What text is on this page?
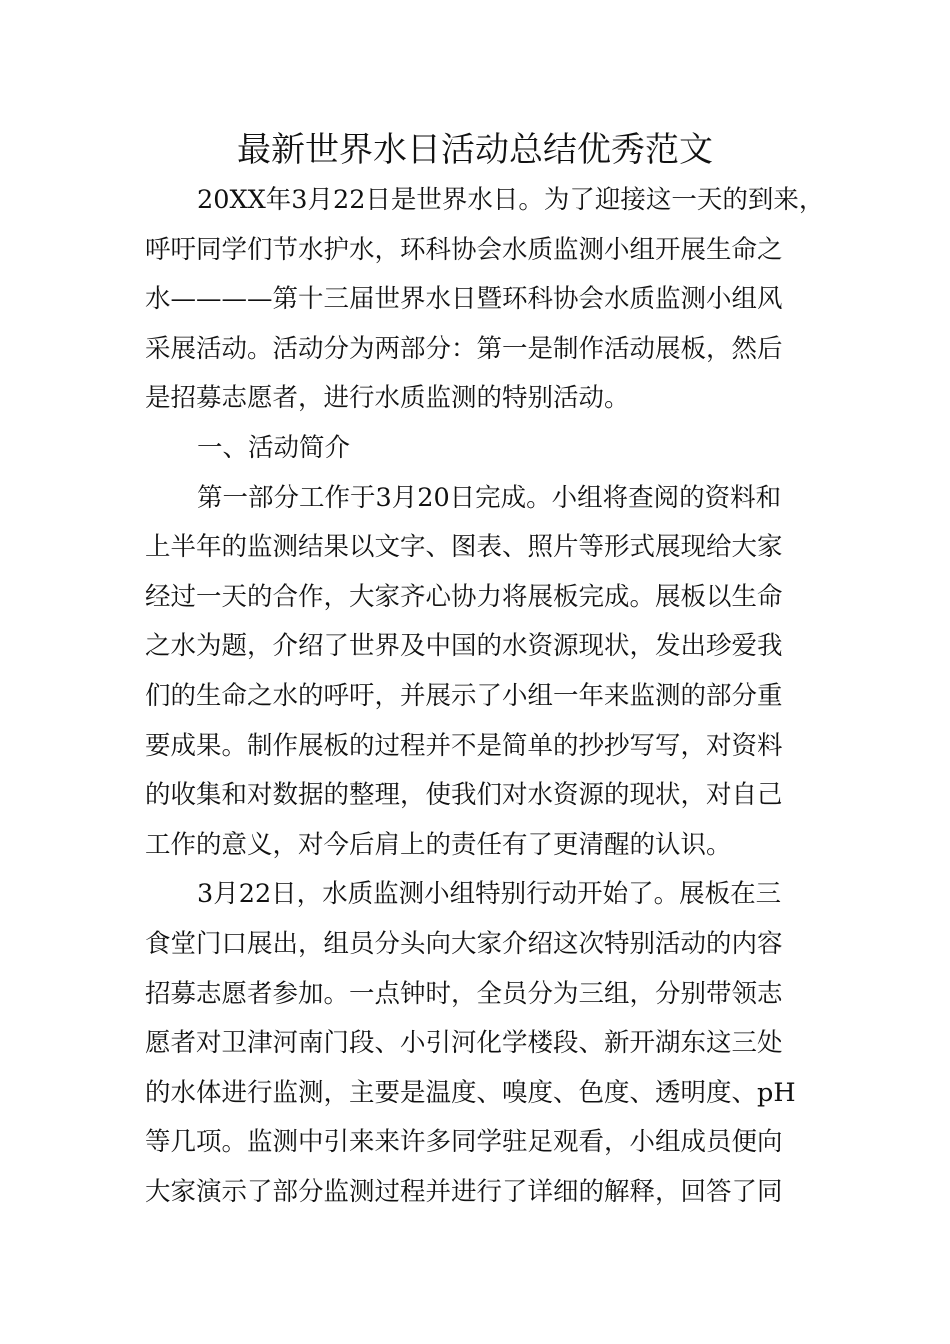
最新世界水日活动总结优秀范文
20XX年3月22日是世界水日。为了迎接这一天的到来，
呼吁同学们节水护水，环科协会水质监测小组开展生命之
水————第十三届世界水日暨环科协会水质监测小组风
采展活动。活动分为两部分：第一是制作活动展板，然后
是招募志愿者，进行水质监测的特别活动。
一、活动简介
第一部分工作于3月20日完成。小组将查阅的资料和
上半年的监测结果以文字、图表、照片等形式展现给大家
经过一天的合作，大家齐心协力将展板完成。展板以生命
之水为题，介绍了世界及中国的水资源现状，发出珍爱我
们的生命之水的呼吁，并展示了小组一年来监测的部分重
要成果。制作展板的过程并不是简单的抄抄写写，对资料
的收集和对数据的整理，使我们对水资源的现状，对自己
工作的意义，对今后肩上的责任有了更清醒的认识。
3月22日，水质监测小组特别行动开始了。展板在三
食堂门口展出，组员分头向大家介绍这次特别活动的内容
招募志愿者参加。一点钟时，全员分为三组，分别带领志
愿者对卫津河南门段、小引河化学楼段、新开湖东这三处
的水体进行监测，主要是温度、嗅度、色度、透明度、pH
等几项。监测中引来来许多同学驻足观看，小组成员便向
大家演示了部分监测过程并进行了详细的解释，回答了同
